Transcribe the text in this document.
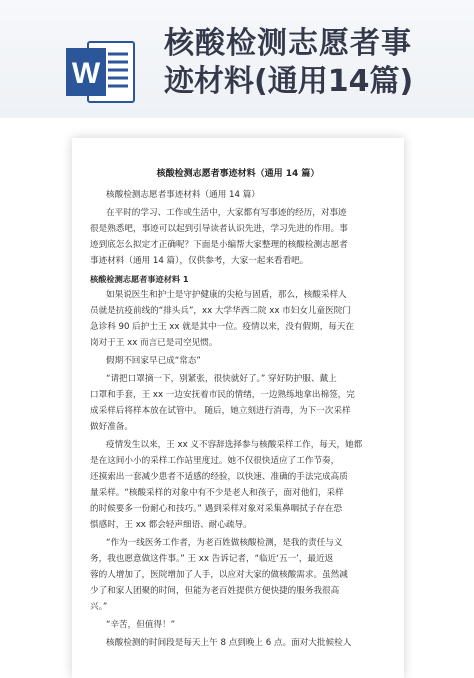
W
核酸检测志愿者事
迹材料(通用14篇)
核酸检测志愿者事迹材料（通用 14 篇）
核酸检测志愿者事迹材料（通用 14 篇）
在平时的学习、工作或生活中，大家都有写事迹的经历，对事迹
很是熟悉吧，事迹可以起到引导读者认识先进，学习先进的作用。事
迹到底怎么拟定才正确呢？下面是小编帮大家整理的核酸检测志愿者
事迹材料（通用 14 篇），仅供参考，大家一起来看看吧。
核酸检测志愿者事迹材料 1
如果说医生和护士是守护健康的尖枪与固盾，那么，核酸采样人
员就是抗疫前线的“排头兵”，xx 大学华西二院 xx 市妇女儿童医院门
急诊科 90 后护士王 xx 就是其中一位。疫情以来，没有假期，每天在
岗对于王 xx 而言已是司空见惯。
假期不回家早已成“常态”
“请把口罩摘一下，别紧张，很快就好了。” 穿好防护服、戴上
口罩和手套，王 xx 一边安抚着市民的情绪，一边熟练地拿出棉签，完
成采样后将样本放在试管中。 随后，她立刻进行消毒，为下一次采样
做好准备。
疫情发生以来，王 xx 义不容辞选择参与核酸采样工作，每天，她都
是在这间小小的采样工作站里度过。她不仅很快适应了工作节奏，
还摸索出一套减少患者不适感的经验，以快速、准确的手法完成高质
量采样。“核酸采样的对象中有不少是老人和孩子，面对他们，采样
的时候要多一份耐心和技巧。” 遇到采样对象对采集鼻咽拭子存在恐
惧感时，王 xx 都会轻声细语、耐心疏导。
“作为一线医务工作者，为老百姓做核酸检测，是我的责任与义
务，我也愿意做这件事。” 王 xx 告诉记者，“临近‘五一’，最近返
蓉的人增加了，医院增加了人手，以应对大家的做核酸需求。虽然减
少了和家人团聚的时间，但能为老百姓提供方便快捷的服务我很高
兴。”
“辛苦，但值得！”
核酸检测的时间段是每天上午 8 点到晚上 6 点。面对大批候检人
